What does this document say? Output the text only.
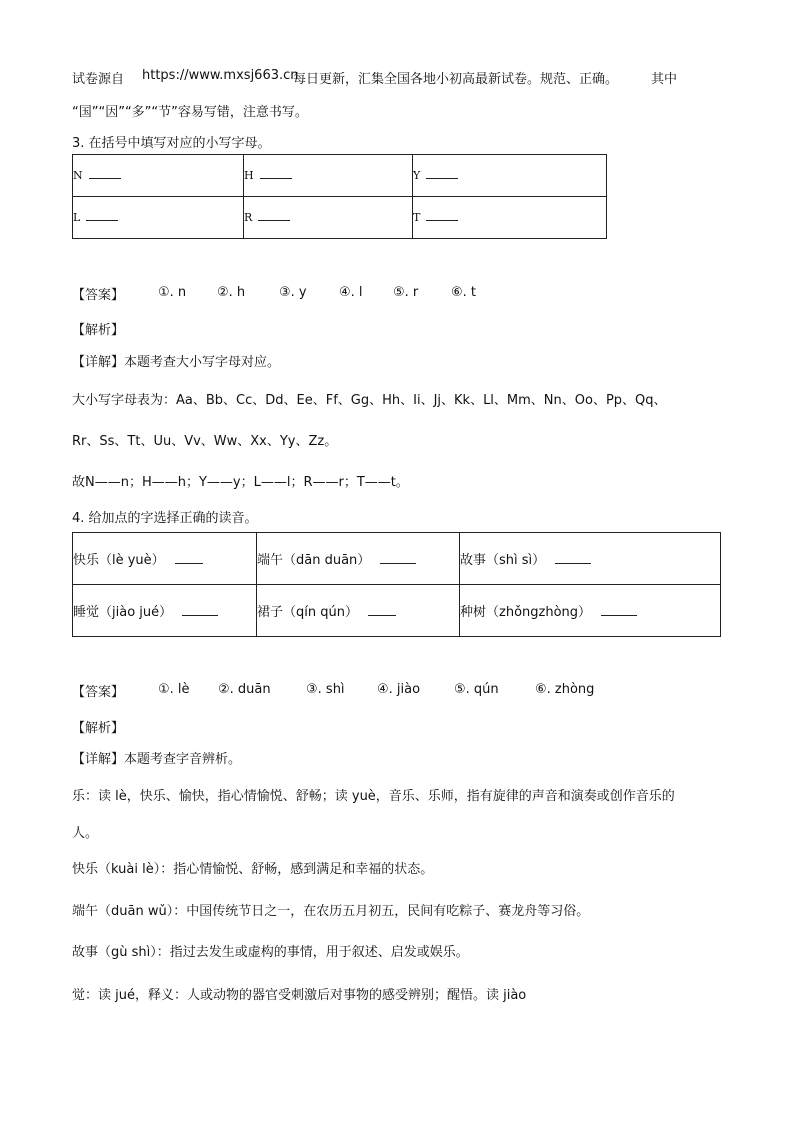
试卷源自 https://www.mxsj663.cn
每日更新，汇集全国各地小初高最新试卷。规范、正确。	其中
“国”“因”“多”“节”容易写错，注意书写。
3. 在括号中填写对应的小写字母。
N	H	Y
L	R	T
【答案】	①. n ②. h	③. y ④. l ⑤. r	⑥. t
【解析】
【详解】本题考查大小写字母对应。
大小写字母表为：Aa、Bb、Cc、Dd、Ee、Ff、Gg、Hh、Ii、Jj、Kk、Ll、Mm、Nn、Oo、Pp、Qq、
Rr、Ss、Tt、Uu、Vv、Ww、Xx、Yy、Zz。
故N——n；H——h；Y——y；L——l；R——r；T——t。
4. 给加点的字选择正确的读音。
快乐（lè yuè）	端午（dān duān）	故事（shì sì）
睡觉（jiào jué）	裙子（qín qún）	种树（zhǒngzhòng）
【答案】	①. lè ②. duān	③. shì ④. jiào	⑤. qún	⑥. zhòng
【解析】
【详解】本题考查字音辨析。
乐：读 lè，快乐、愉快，指心情愉悦、舒畅；读 yuè，音乐、乐师，指有旋律的声音和演奏或创作音乐的
人。
快乐（kuài lè）：指心情愉悦、舒畅，感到满足和幸福的状态。
端午（duān wǔ）：中国传统节日之一，在农历五月初五，民间有吃粽子、赛龙舟等习俗。
故事（gù shì）：指过去发生或虚构的事情，用于叙述、启发或娱乐。
觉：读 jué，释义：人或动物的器官受刺激后对事物的感受辨别；醒悟。读 jiào
